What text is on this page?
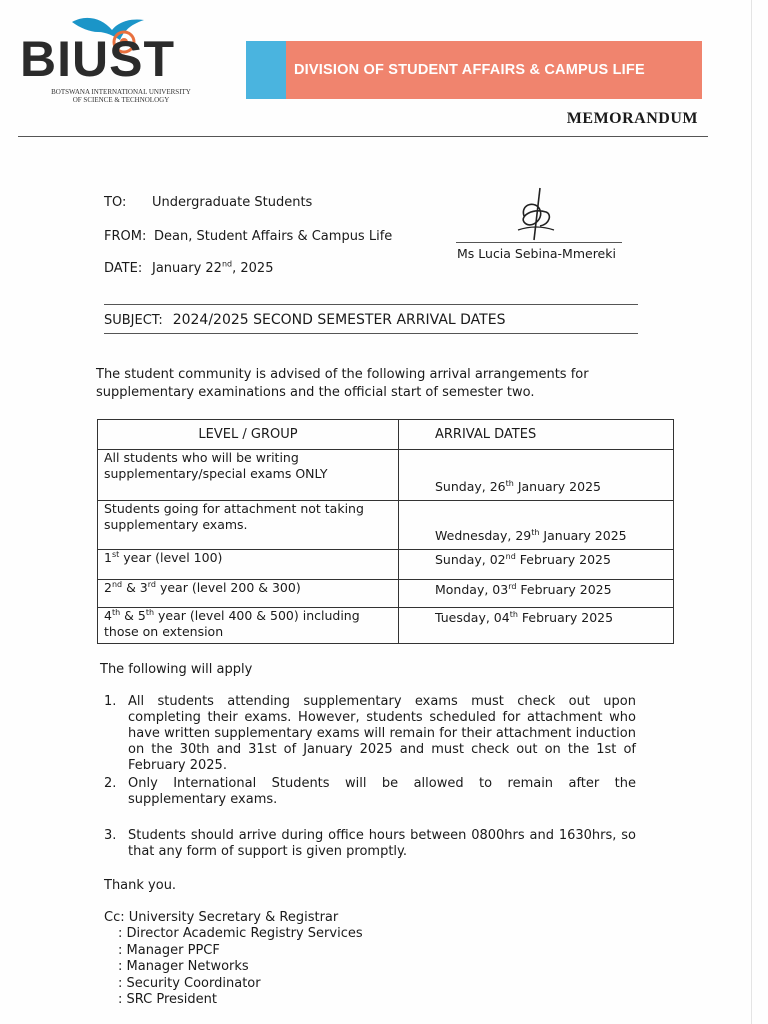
BIUST
BOTSWANA INTERNATIONAL UNIVERSITY
OF SCIENCE & TECHNOLOGY
DIVISION OF STUDENT AFFAIRS & CAMPUS LIFE
MEMORANDUM
TO: Undergraduate Students
FROM: Dean, Student Affairs & Campus Life
DATE: January 22nd, 2025
Ms Lucia Sebina-Mmereki
SUBJECT: 2024/2025 SECOND SEMESTER ARRIVAL DATES
The student community is advised of the following arrival arrangements for supplementary examinations and the official start of semester two.
LEVEL / GROUP	ARRIVAL DATES
All students who will be writing supplementary/special exams ONLY	Sunday, 26th January 2025
Students going for attachment not taking supplementary exams.	Wednesday, 29th January 2025
1st year (level 100)	Sunday, 02nd February 2025
2nd & 3rd year (level 200 & 300)	Monday, 03rd February 2025
4th & 5th year (level 400 & 500) including those on extension	Tuesday, 04th February 2025
The following will apply
1. All students attending supplementary exams must check out upon completing their exams. However, students scheduled for attachment who have written supplementary exams will remain for their attachment induction on the 30th and 31st of January 2025 and must check out on the 1st of February 2025.
2. Only International Students will be allowed to remain after the supplementary exams.
3. Students should arrive during office hours between 0800hrs and 1630hrs, so that any form of support is given promptly.
Thank you.
Cc: University Secretary & Registrar
: Director Academic Registry Services
: Manager PPCF
: Manager Networks
: Security Coordinator
: SRC President
